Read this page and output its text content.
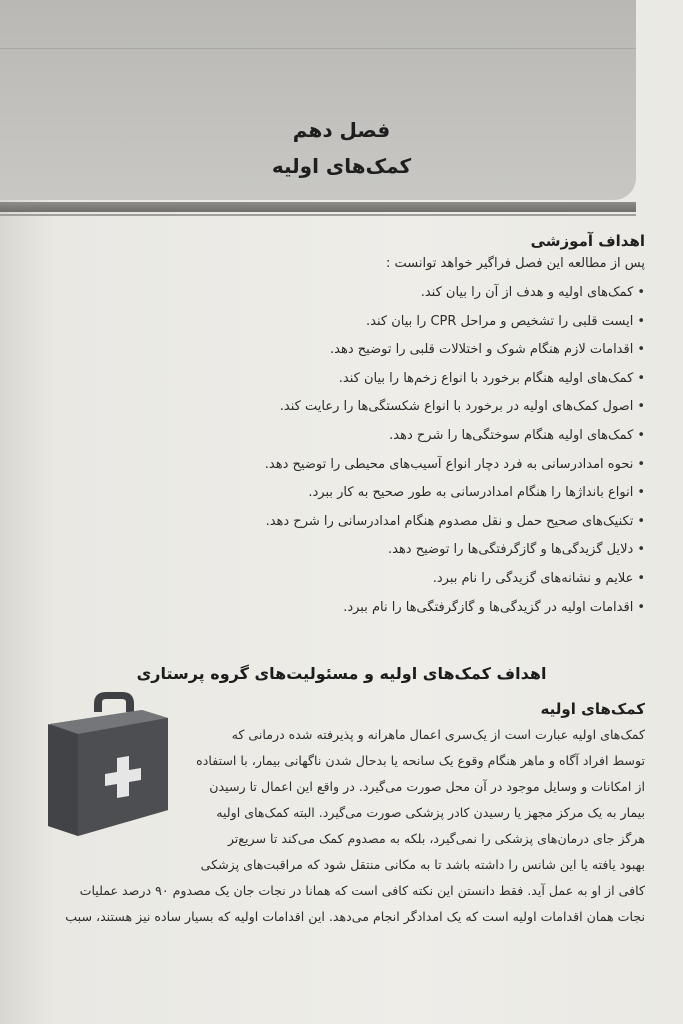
فصل دهم
کمک‌های اولیه
اهداف آموزشی
پس از مطالعه این فصل فراگیر خواهد توانست :
• کمک‌های اولیه و هدف از آن را بیان کند.
• ایست قلبی را تشخیص و مراحل CPR را بیان کند.
• اقدامات لازم هنگام شوک و اختلالات قلبی را توضیح دهد.
• کمک‌های اولیه هنگام برخورد با انواع زخم‌ها را بیان کند.
• اصول کمک‌های اولیه در برخورد با انواع شکستگی‌ها را رعایت کند.
• کمک‌های اولیه هنگام سوختگی‌ها را شرح دهد.
• نحوه امدادرسانی به فرد دچار انواع آسیب‌های محیطی را توضیح دهد.
• انواع بانداژها را هنگام امدادرسانی به طور صحیح به کار ببرد.
• تکنیک‌های صحیح حمل و نقل مصدوم هنگام امدادرسانی را شرح دهد.
• دلایل گزیدگی‌ها و گازگرفتگی‌ها را توضیح دهد.
• علایم و نشانه‌های گزیدگی را نام ببرد.
• اقدامات اولیه در گزیدگی‌ها و گازگرفتگی‌ها را نام ببرد.
اهداف کمک‌های اولیه و مسئولیت‌های گروه پرستاری
کمک‌های اولیه
کمک‌های اولیه عبارت است از یک‌سری اعمال ماهرانه و پذیرفته شده درمانی که
توسط افراد آگاه و ماهر هنگام وقوع یک سانحه یا بدحال شدن ناگهانی بیمار، با استفاده
از امکانات و وسایل موجود در آن محل صورت می‌گیرد. در واقع این اعمال تا رسیدن
بیمار به یک مرکز مجهز یا رسیدن کادر پزشکی صورت می‌گیرد. البته کمک‌های اولیه
هرگز جای درمان‌های پزشکی را نمی‌گیرد، بلکه به مصدوم کمک می‌کند تا سریع‌تر
بهبود یافته یا این شانس را داشته باشد تا به مکانی منتقل شود که مراقبت‌های پزشکی
کافی از او به عمل آید. فقط دانستن این نکته کافی است که همانا در نجات جان یک مصدوم ۹۰ درصد عملیات
نجات همان اقدامات اولیه است که یک امدادگر انجام می‌دهد. این اقدامات اولیه که بسیار ساده نیز هستند، سبب
